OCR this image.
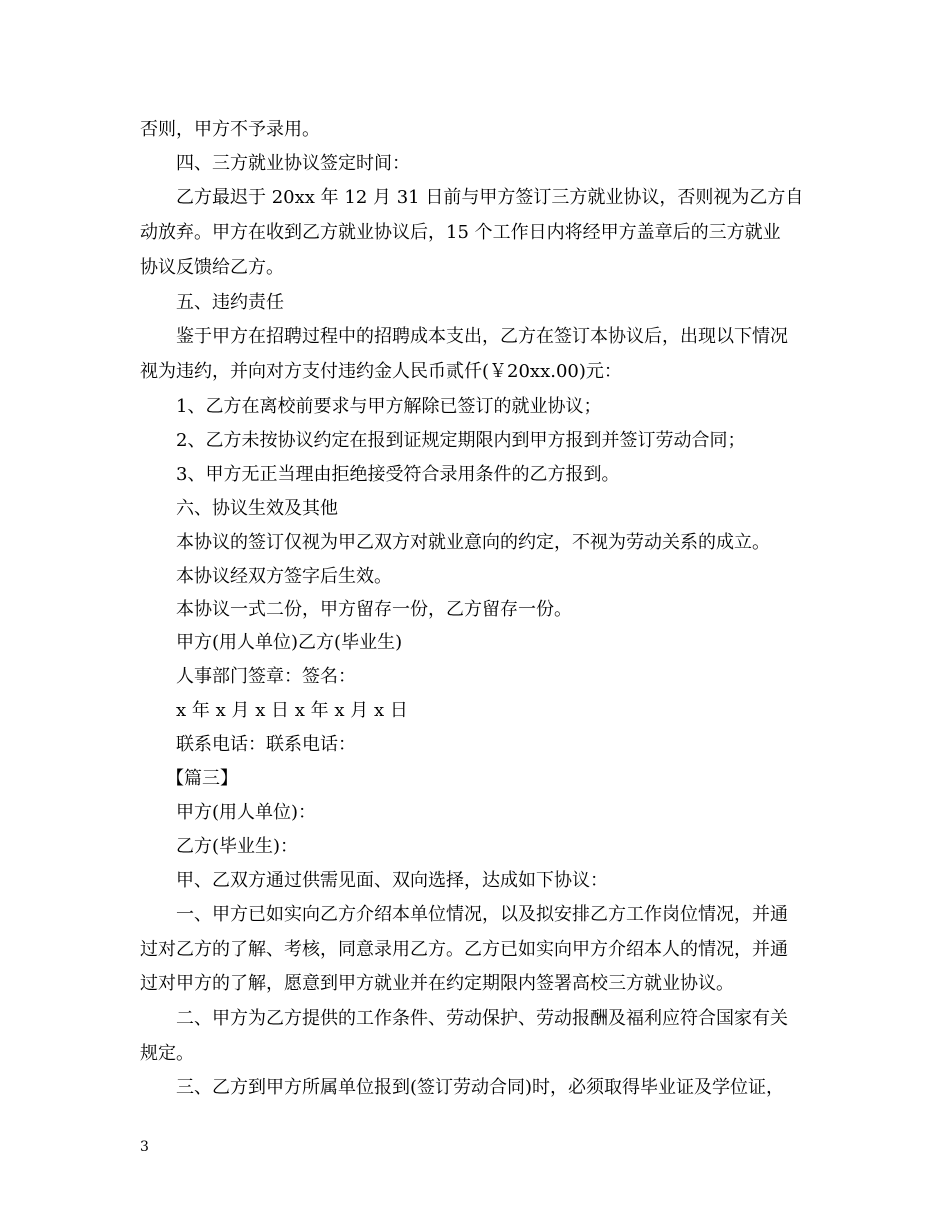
否则，甲方不予录用。
四、三方就业协议签定时间：
乙方最迟于 20xx 年 12 月 31 日前与甲方签订三方就业协议，否则视为乙方自
动放弃。甲方在收到乙方就业协议后，15 个工作日内将经甲方盖章后的三方就业
协议反馈给乙方。
五、违约责任
鉴于甲方在招聘过程中的招聘成本支出，乙方在签订本协议后，出现以下情况
视为违约，并向对方支付违约金人民币贰仟(￥20xx.00)元：
1、乙方在离校前要求与甲方解除已签订的就业协议；
2、乙方未按协议约定在报到证规定期限内到甲方报到并签订劳动合同；
3、甲方无正当理由拒绝接受符合录用条件的乙方报到。
六、协议生效及其他
本协议的签订仅视为甲乙双方对就业意向的约定，不视为劳动关系的成立。
本协议经双方签字后生效。
本协议一式二份，甲方留存一份，乙方留存一份。
甲方(用人单位)乙方(毕业生)
人事部门签章：签名：
x 年 x 月 x 日 x 年 x 月 x 日
联系电话：联系电话：
【篇三】
甲方(用人单位)：
乙方(毕业生)：
甲、乙双方通过供需见面、双向选择，达成如下协议：
一、甲方已如实向乙方介绍本单位情况，以及拟安排乙方工作岗位情况，并通
过对乙方的了解、考核，同意录用乙方。乙方已如实向甲方介绍本人的情况，并通
过对甲方的了解，愿意到甲方就业并在约定期限内签署高校三方就业协议。
二、甲方为乙方提供的工作条件、劳动保护、劳动报酬及福利应符合国家有关
规定。
三、乙方到甲方所属单位报到(签订劳动合同)时，必须取得毕业证及学位证，
3
